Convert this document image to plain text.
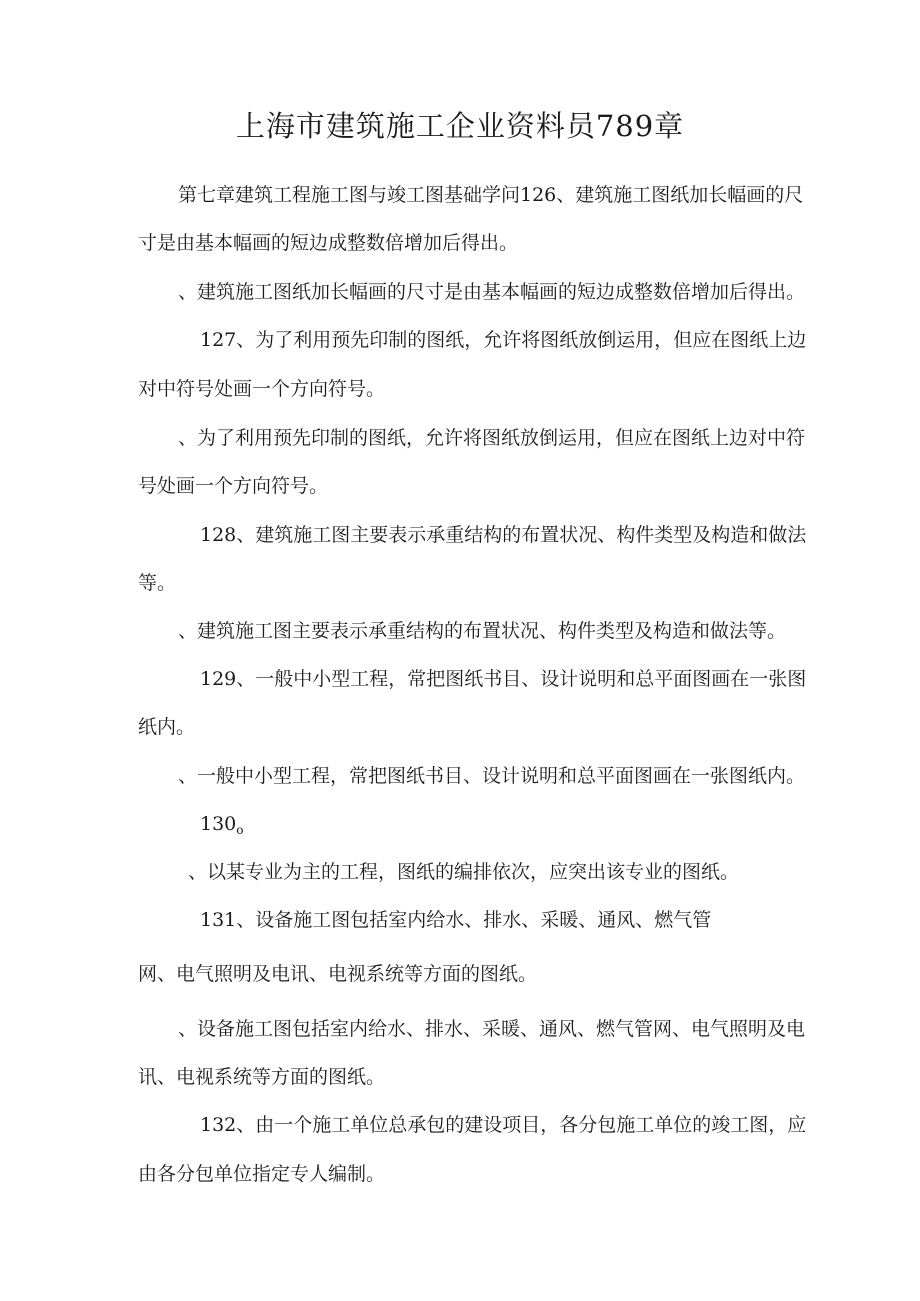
上海市建筑施工企业资料员789章

第七章建筑工程施工图与竣工图基础学问126、建筑施工图纸加长幅画的尺

寸是由基本幅画的短边成整数倍增加后得出。

、建筑施工图纸加长幅画的尺寸是由基本幅画的短边成整数倍增加后得出。

127、为了利用预先印制的图纸，允许将图纸放倒运用，但应在图纸上边

对中符号处画一个方向符号。

、为了利用预先印制的图纸，允许将图纸放倒运用，但应在图纸上边对中符

号处画一个方向符号。

128、建筑施工图主要表示承重结构的布置状况、构件类型及构造和做法

等。

、建筑施工图主要表示承重结构的布置状况、构件类型及构造和做法等。

129、一般中小型工程，常把图纸书目、设计说明和总平面图画在一张图

纸内。

、一般中小型工程，常把图纸书目、设计说明和总平面图画在一张图纸内。

$130_o$

、以某专业为主的工程，图纸的编排依次，应突出该专业的图纸。

131、设备施工图包括室内给水、排水、采暖、通风、燃气管

网、电气照明及电讯、电视系统等方面的图纸。

、设备施工图包括室内给水、排水、采暖、通风、燃气管网、电气照明及电

讯、电视系统等方面的图纸。

132、由一个施工单位总承包的建设项目，各分包施工单位的竣工图，应

由各分包单位指定专人编制。
